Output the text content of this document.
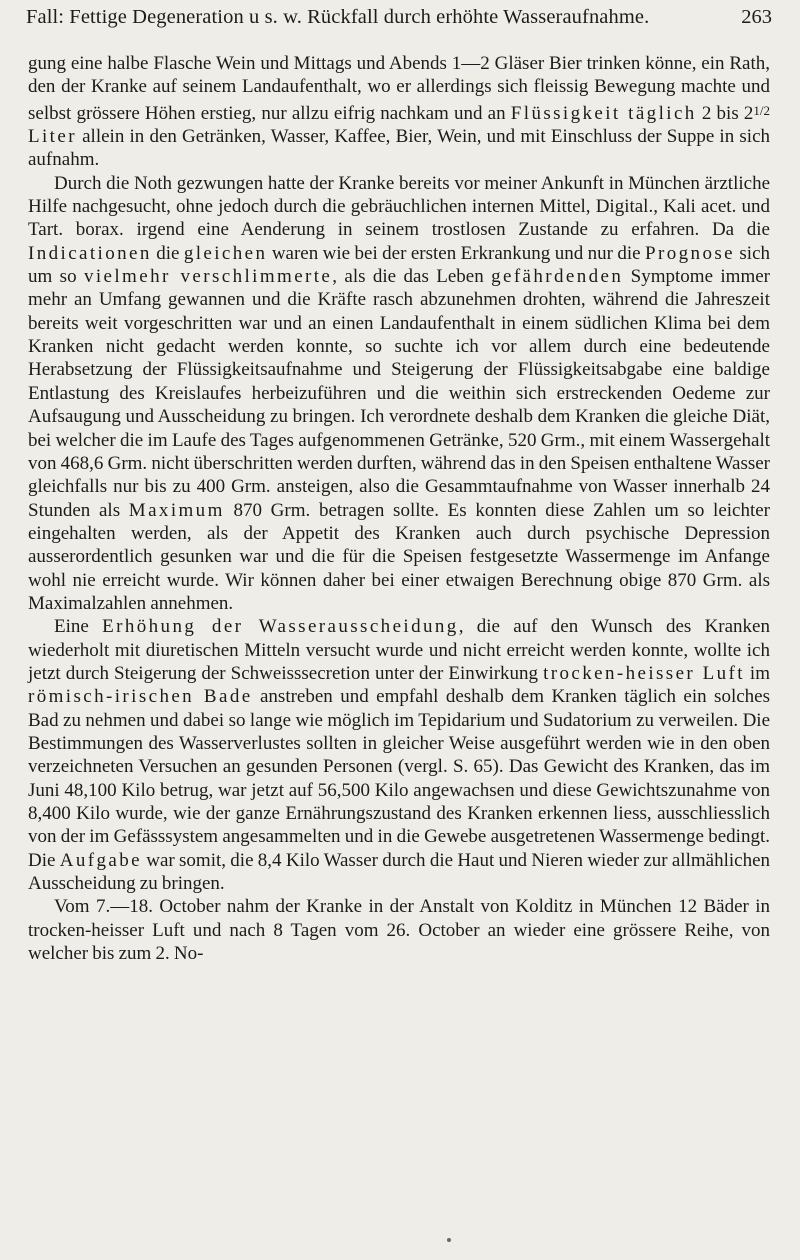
Fall: Fettige Degeneration u s. w. Rückfall durch erhöhte Wasseraufnahme.	263

gung eine halbe Flasche Wein und Mittags und Abends 1—2 Gläser Bier trinken könne, ein Rath, den der Kranke auf seinem Landaufenthalt, wo er allerdings sich fleissig Bewegung machte und selbst grössere Höhen erstieg, nur allzu eifrig nachkam und an Flüssigkeit täglich 2 bis $2^{1/2}$ Liter allein in den Getränken, Wasser, Kaffee, Bier, Wein, und mit Einschluss der Suppe in sich aufnahm.

Durch die Noth gezwungen hatte der Kranke bereits vor meiner Ankunft in München ärztliche Hilfe nachgesucht, ohne jedoch durch die gebräuchlichen internen Mittel, Digital., Kali acet. und Tart. borax. irgend eine Aenderung in seinem trostlosen Zustande zu erfahren. Da die Indicationen die gleichen waren wie bei der ersten Erkrankung und nur die Prognose sich um so vielmehr verschlimmerte, als die das Leben gefährdenden Symptome immer mehr an Umfang gewannen und die Kräfte rasch abzunehmen drohten, während die Jahreszeit bereits weit vorgeschritten war und an einen Landaufenthalt in einem südlichen Klima bei dem Kranken nicht gedacht werden konnte, so suchte ich vor allem durch eine bedeutende Herabsetzung der Flüssigkeitsaufnahme und Steigerung der Flüssigkeitsabgabe eine baldige Entlastung des Kreislaufes herbeizuführen und die weithin sich erstreckenden Oedeme zur Aufsaugung und Ausscheidung zu bringen. Ich verordnete deshalb dem Kranken die gleiche Diät, bei welcher die im Laufe des Tages aufgenommenen Getränke, 520 Grm., mit einem Wassergehalt von 468,6 Grm. nicht überschritten werden durften, während das in den Speisen enthaltene Wasser gleichfalls nur bis zu 400 Grm. ansteigen, also die Gesammtaufnahme von Wasser innerhalb 24 Stunden als Maximum 870 Grm. betragen sollte. Es konnten diese Zahlen um so leichter eingehalten werden, als der Appetit des Kranken auch durch psychische Depression ausserordentlich gesunken war und die für die Speisen festgesetzte Wassermenge im Anfange wohl nie erreicht wurde. Wir können daher bei einer etwaigen Berechnung obige 870 Grm. als Maximalzahlen annehmen.

Eine Erhöhung der Wasserausscheidung, die auf den Wunsch des Kranken wiederholt mit diuretischen Mitteln versucht wurde und nicht erreicht werden konnte, wollte ich jetzt durch Steigerung der Schweisssecretion unter der Einwirkung trocken-heisser Luft im römisch-irischen Bade anstreben und empfahl deshalb dem Kranken täglich ein solches Bad zu nehmen und dabei so lange wie möglich im Tepidarium und Sudatorium zu verweilen. Die Bestimmungen des Wasserverlustes sollten in gleicher Weise ausgeführt werden wie in den oben verzeichneten Versuchen an gesunden Personen (vergl. S. 65). Das Gewicht des Kranken, das im Juni 48,100 Kilo betrug, war jetzt auf 56,500 Kilo angewachsen und diese Gewichtszunahme von 8,400 Kilo wurde, wie der ganze Ernährungszustand des Kranken erkennen liess, ausschliesslich von der im Gefässsystem angesammelten und in die Gewebe ausgetretenen Wassermenge bedingt. Die Aufgabe war somit, die 8,4 Kilo Wasser durch die Haut und Nieren wieder zur allmählichen Ausscheidung zu bringen.

Vom 7.—18. October nahm der Kranke in der Anstalt von Kolditz in München 12 Bäder in trocken-heisser Luft und nach 8 Tagen vom 26. October an wieder eine grössere Reihe, von welcher bis zum 2. No-
